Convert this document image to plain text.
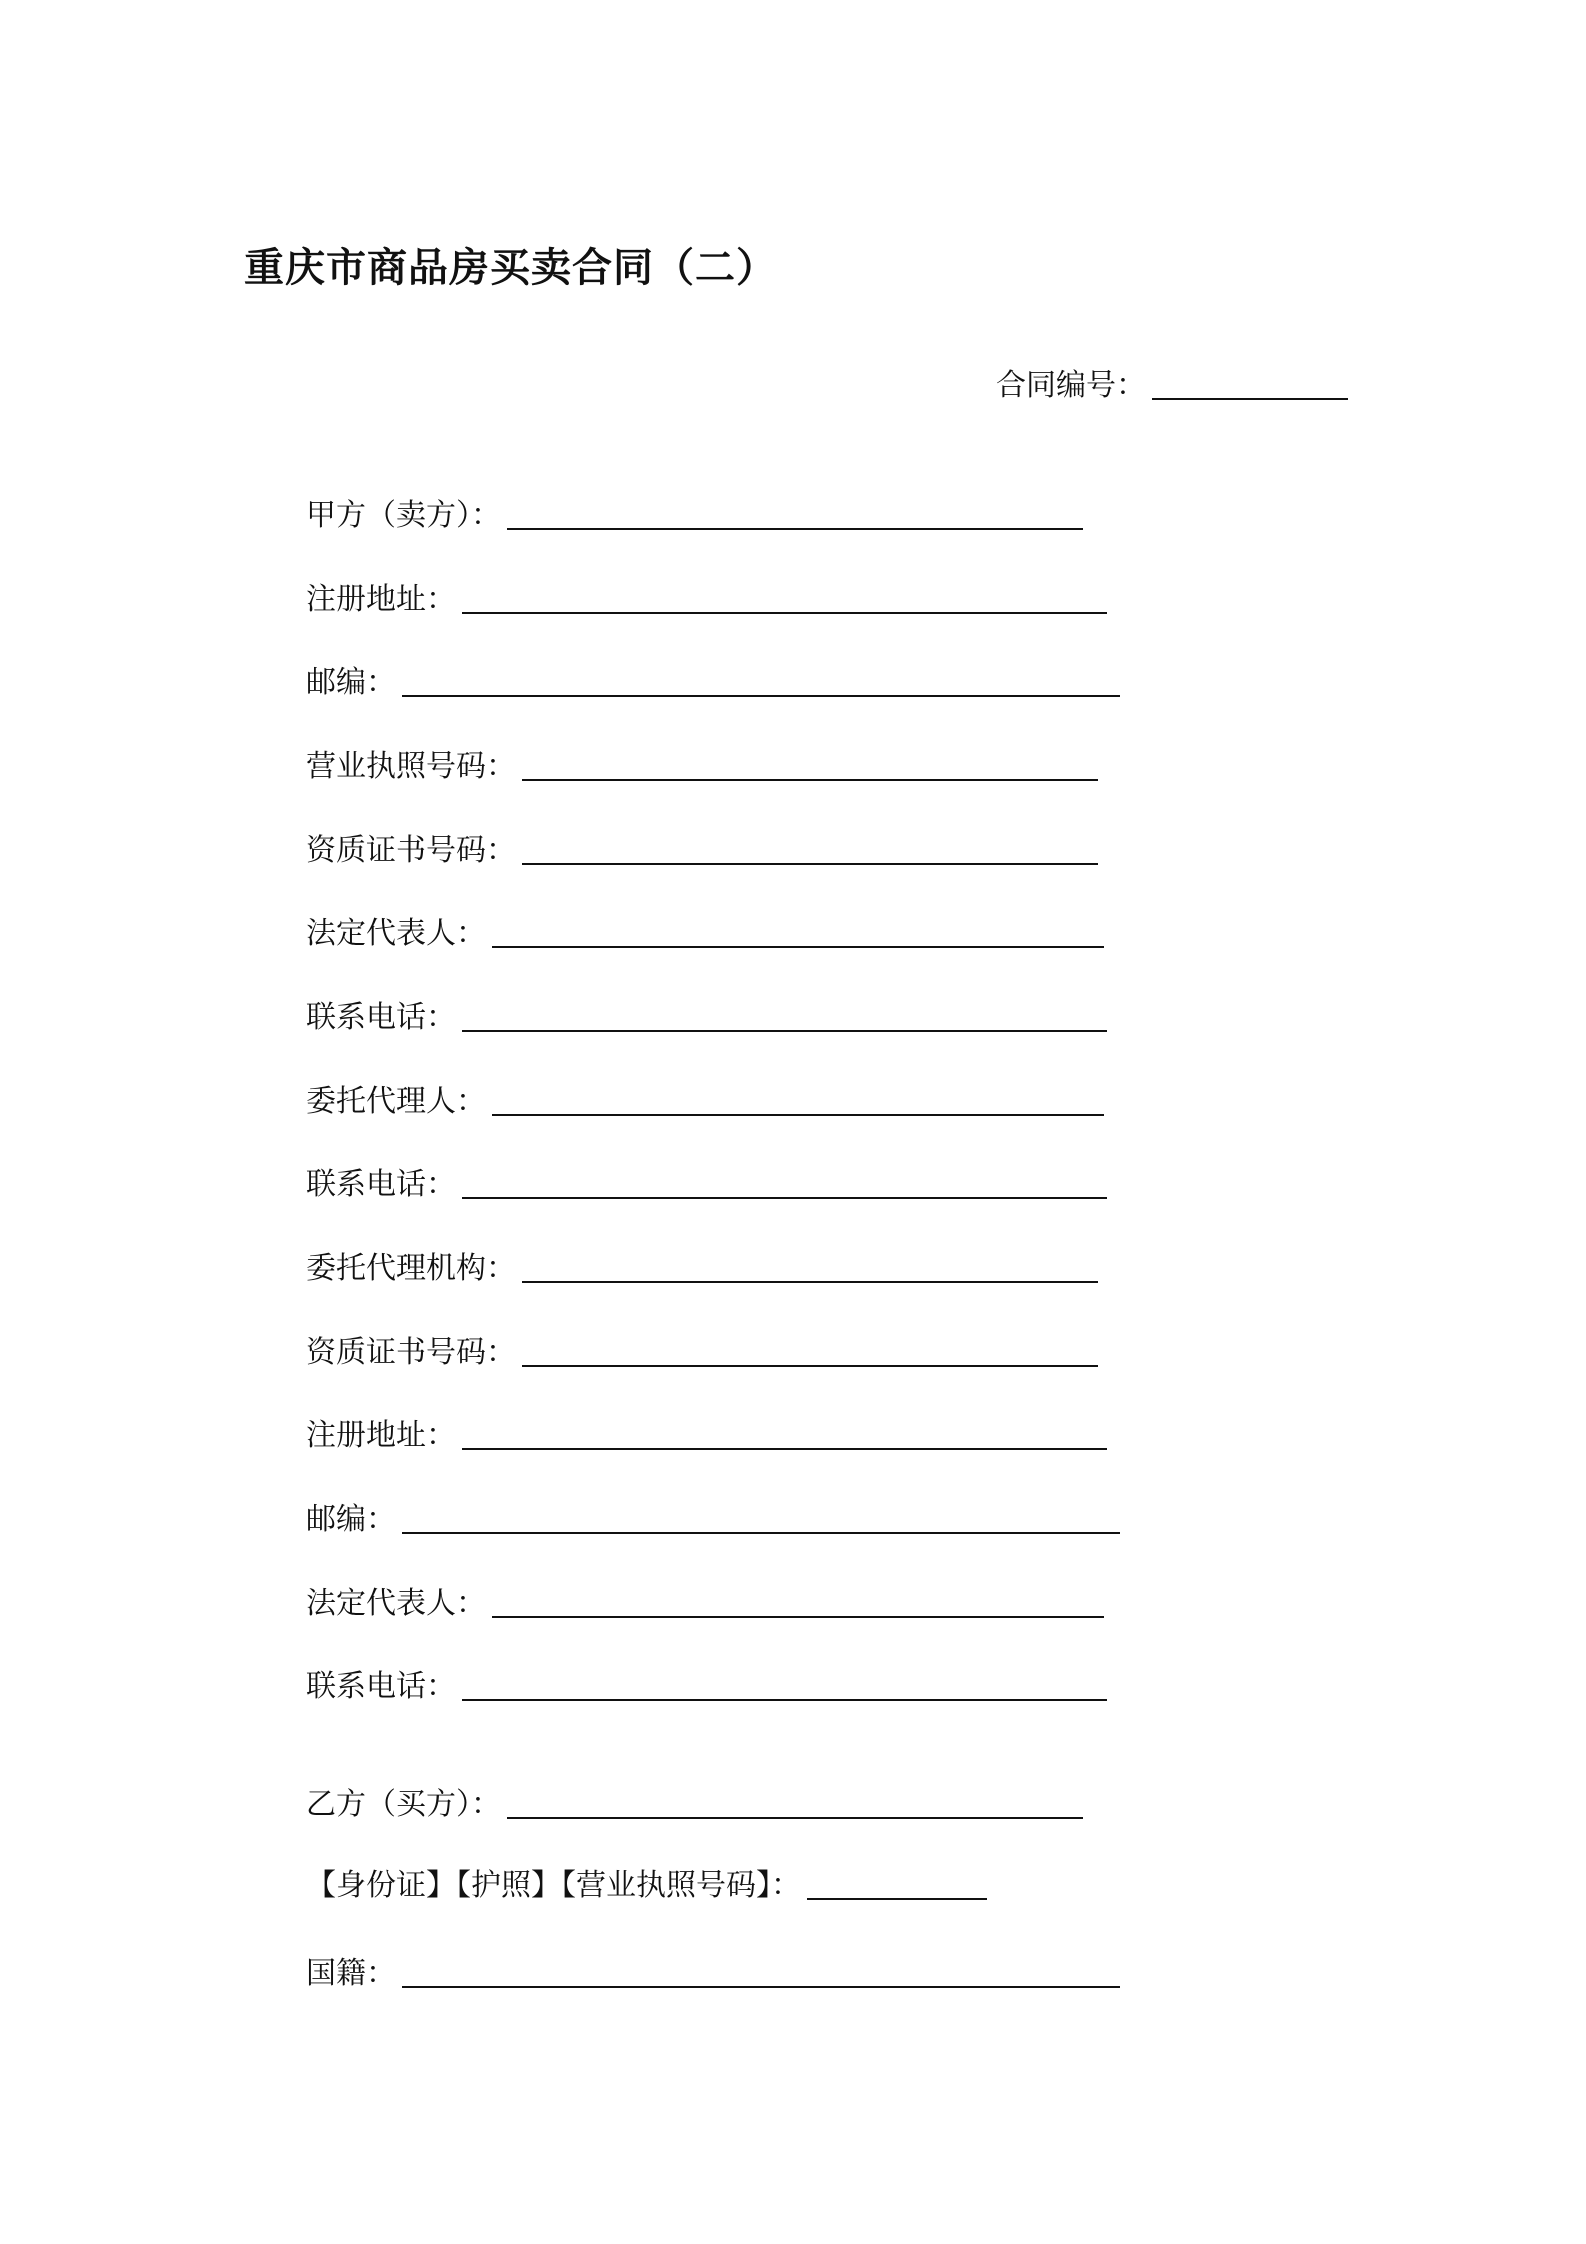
重庆市商品房买卖合同（二）
合同编号：
甲方（卖方）：
注册地址：
邮编：
营业执照号码：
资质证书号码：
法定代表人：
联系电话：
委托代理人：
联系电话：
委托代理机构：
资质证书号码：
注册地址：
邮编：
法定代表人：
联系电话：
乙方（买方）：
【身份证】【护照】【营业执照号码】：
国籍：
